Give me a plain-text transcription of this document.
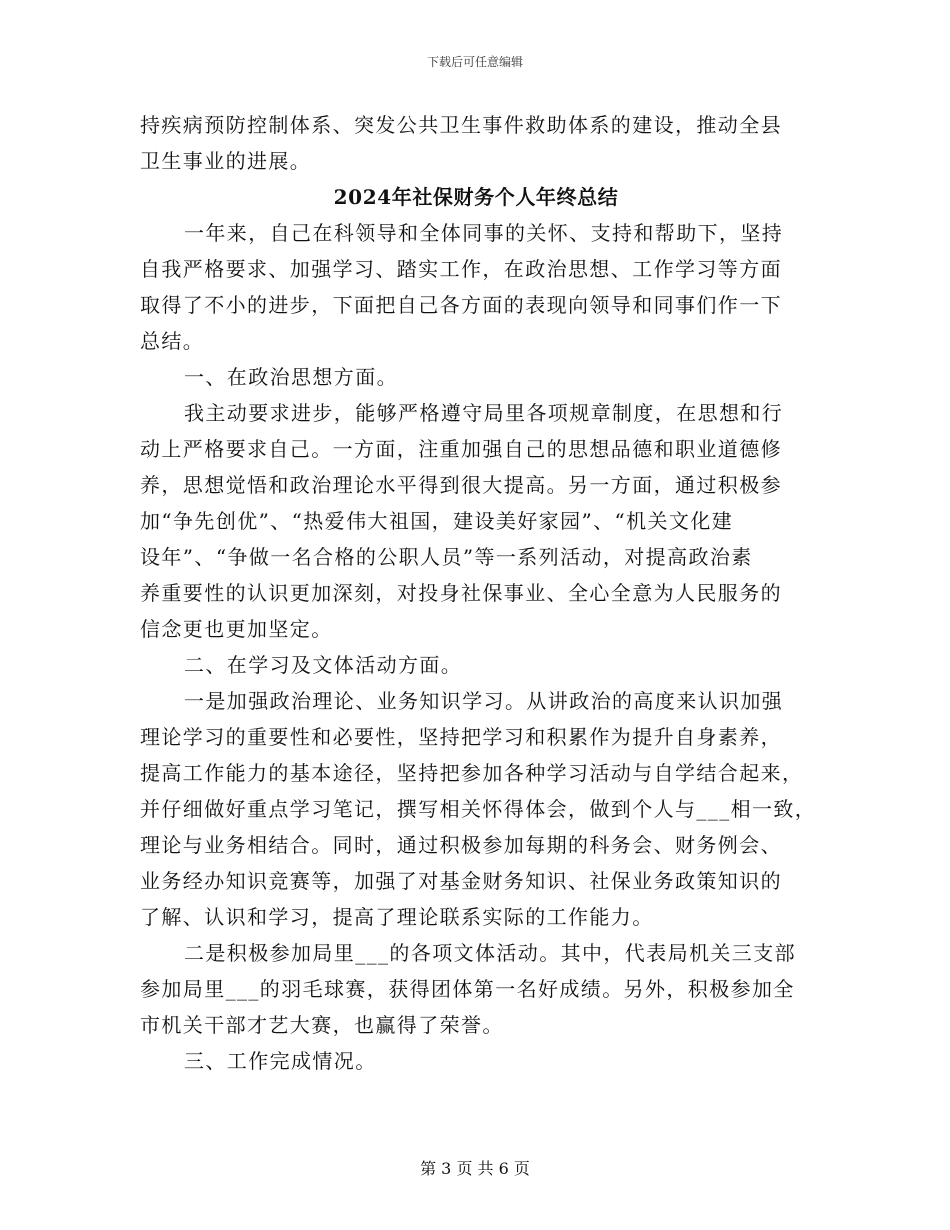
下载后可任意编辑
持疾病预防控制体系、突发公共卫生事件救助体系的建设，推动全县
卫生事业的进展。
2024年社保财务个人年终总结
一年来，自己在科领导和全体同事的关怀、支持和帮助下，坚持
自我严格要求、加强学习、踏实工作，在政治思想、工作学习等方面
取得了不小的进步，下面把自己各方面的表现向领导和同事们作一下
总结。
一、在政治思想方面。
我主动要求进步，能够严格遵守局里各项规章制度，在思想和行
动上严格要求自己。一方面，注重加强自己的思想品德和职业道德修
养，思想觉悟和政治理论水平得到很大提高。另一方面，通过积极参
加“争先创优”、“热爱伟大祖国，建设美好家园”、“机关文化建
设年”、“争做一名合格的公职人员”等一系列活动，对提高政治素
养重要性的认识更加深刻，对投身社保事业、全心全意为人民服务的
信念更也更加坚定。
二、在学习及文体活动方面。
一是加强政治理论、业务知识学习。从讲政治的高度来认识加强
理论学习的重要性和必要性，坚持把学习和积累作为提升自身素养，
提高工作能力的基本途径，坚持把参加各种学习活动与自学结合起来，
并仔细做好重点学习笔记，撰写相关怀得体会，做到个人与___相一致，
理论与业务相结合。同时，通过积极参加每期的科务会、财务例会、
业务经办知识竞赛等，加强了对基金财务知识、社保业务政策知识的
了解、认识和学习，提高了理论联系实际的工作能力。
二是积极参加局里___的各项文体活动。其中，代表局机关三支部
参加局里___的羽毛球赛，获得团体第一名好成绩。另外，积极参加全
市机关干部才艺大赛，也赢得了荣誉。
三、工作完成情况。
第 3 页 共 6 页
